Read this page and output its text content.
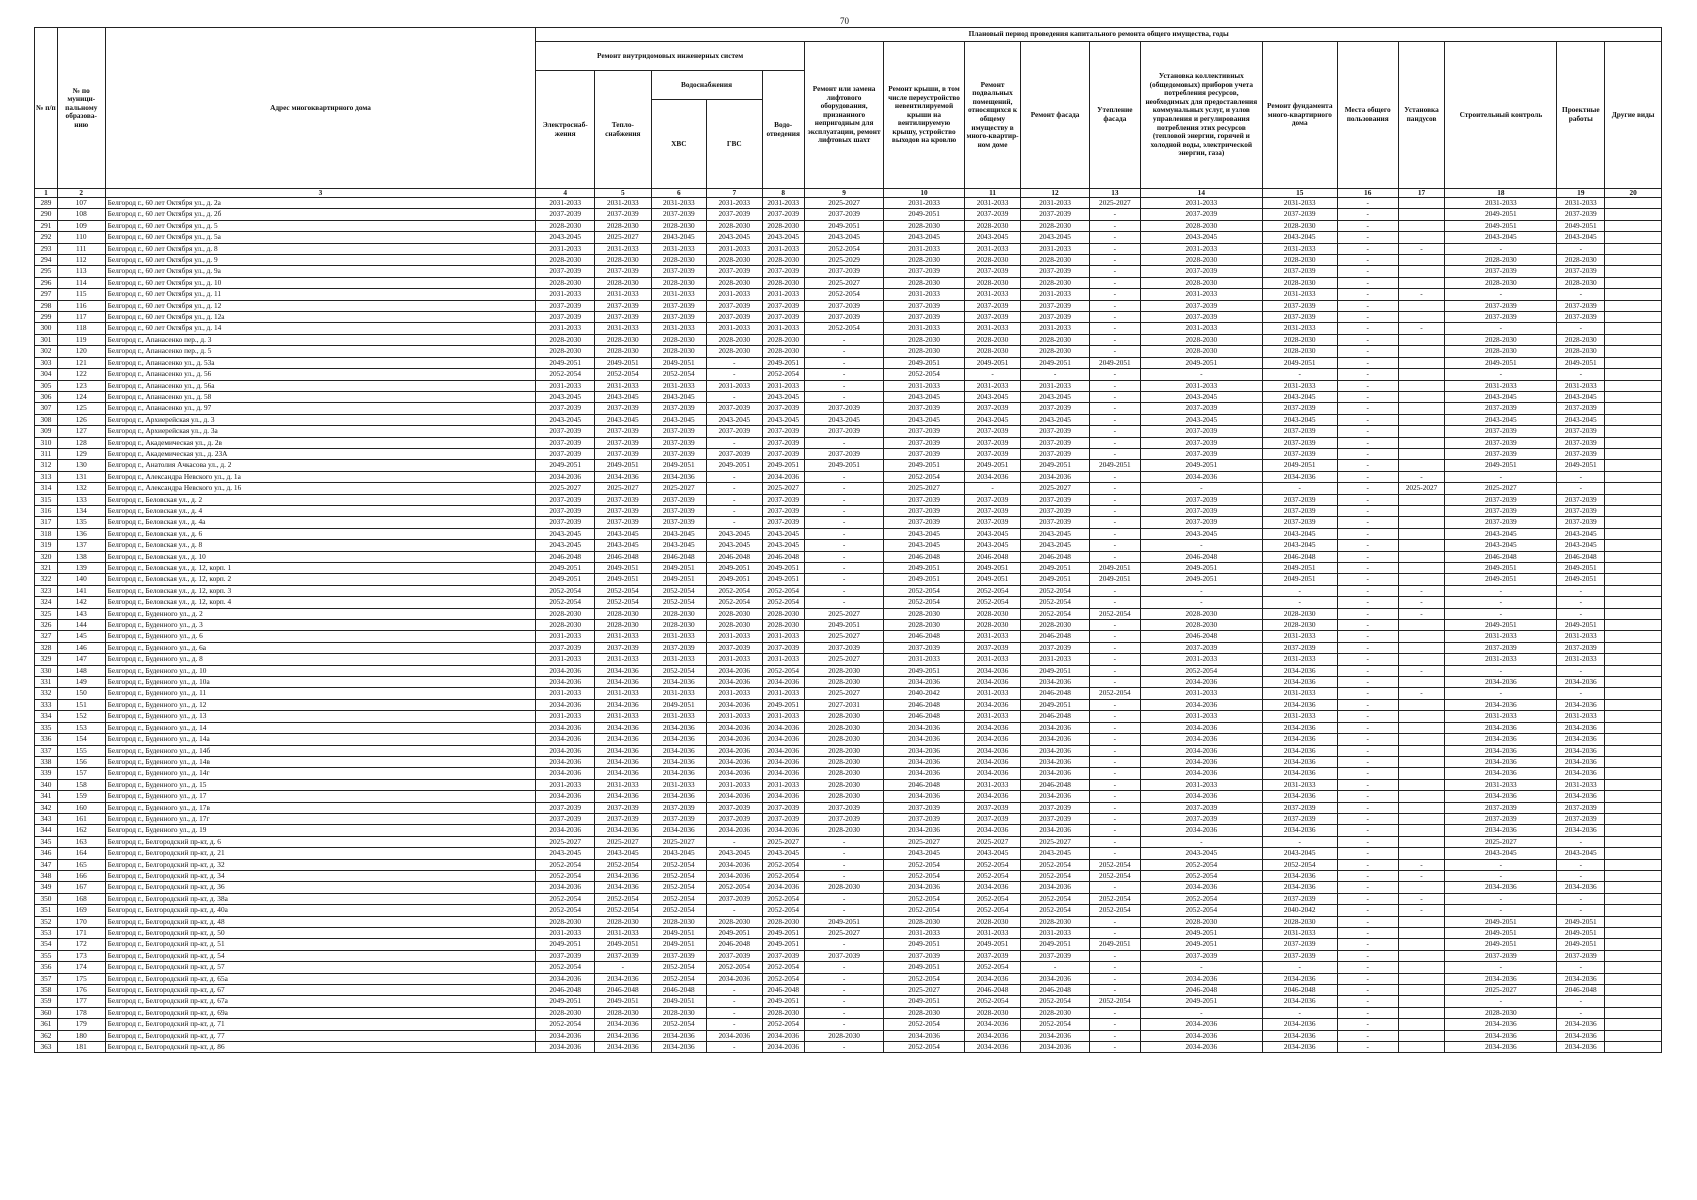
70
№ п/п	№ по муници-пальному образова-нию	Адрес многоквартирного дома	Плановый период проведения капитального ремонта общего имущества, годы																
			Ремонт внутридомовых инженерных систем					Ремонт или замена лифтового оборудования, признанного непригодным для эксплуатации, ремонт лифтовых шахт	Ремонт крыши, в том числе переустройство невентилируемой крыши на вентилируемую крышу, устройство выходов на кровлю	Ремонт подвальных помещений, относящихся к общему имуществу в много-квартир-ном доме	Ремонт фасада	Утепление фасада	Установка коллективных (общедомовых) приборов учета потребления ресурсов, необходимых для предоставления коммунальных услуг, и узлов управления и регулирования потребления этих ресурсов (тепловой энергии, горячей и холодной воды, электрической энергии, газа)	Ремонт фундамента много-квартирного дома	Места общего пользования	Установка пандусов	Строительный контроль	Проектные работы	Другие виды
			Электроснаб-жения	Тепло-снабжения	Водоснабжения		Водо-отведения												
					ХВС	ГВС													
1	2	3	4	5	6	7	8	9	10	11	12	13	14	15	16	17	18	19	20
289	107	Белгород г., 60 лет Октября ул., д. 2а	2031-2033	2031-2033	2031-2033	2031-2033	2031-2033	2025-2027	2031-2033	2031-2033	2031-2033	2025-2027	2031-2033	2031-2033	-		2031-2033	2031-2033	
290	108	Белгород г., 60 лет Октября ул., д. 2б	2037-2039	2037-2039	2037-2039	2037-2039	2037-2039	2037-2039	2049-2051	2037-2039	2037-2039	-	2037-2039	2037-2039	-		2049-2051	2037-2039	
291	109	Белгород г., 60 лет Октября ул., д. 5	2028-2030	2028-2030	2028-2030	2028-2030	2028-2030	2049-2051	2028-2030	2028-2030	2028-2030	-	2028-2030	2028-2030	-		2049-2051	2049-2051	
292	110	Белгород г., 60 лет Октября ул., д. 5а	2043-2045	2025-2027	2043-2045	2043-2045	2043-2045	2043-2045	2043-2045	2043-2045	2043-2045	-	2043-2045	2043-2045	-		2043-2045	2043-2045	
293	111	Белгород г., 60 лет Октября ул., д. 8	2031-2033	2031-2033	2031-2033	2031-2033	2031-2033	2052-2054	2031-2033	2031-2033	2031-2033	-	2031-2033	2031-2033	-	-	-	-	
294	112	Белгород г., 60 лет Октября ул., д. 9	2028-2030	2028-2030	2028-2030	2028-2030	2028-2030	2025-2029	2028-2030	2028-2030	2028-2030	-	2028-2030	2028-2030	-		2028-2030	2028-2030	
295	113	Белгород г., 60 лет Октября ул., д. 9а	2037-2039	2037-2039	2037-2039	2037-2039	2037-2039	2037-2039	2037-2039	2037-2039	2037-2039	-	2037-2039	2037-2039	-		2037-2039	2037-2039	
296	114	Белгород г., 60 лет Октября ул., д. 10	2028-2030	2028-2030	2028-2030	2028-2030	2028-2030	2025-2027	2028-2030	2028-2030	2028-2030	-	2028-2030	2028-2030	-		2028-2030	2028-2030	
297	115	Белгород г., 60 лет Октября ул., д. 11	2031-2033	2031-2033	2031-2033	2031-2033	2031-2033	2052-2054	2031-2033	2031-2033	2031-2033	-	2031-2033	2031-2033	-	-	-	-	
298	116	Белгород г., 60 лет Октября ул., д. 12	2037-2039	2037-2039	2037-2039	2037-2039	2037-2039	2037-2039	2037-2039	2037-2039	2037-2039	-	2037-2039	2037-2039	-		2037-2039	2037-2039	
299	117	Белгород г., 60 лет Октября ул., д. 12а	2037-2039	2037-2039	2037-2039	2037-2039	2037-2039	2037-2039	2037-2039	2037-2039	2037-2039	-	2037-2039	2037-2039	-		2037-2039	2037-2039	
300	118	Белгород г., 60 лет Октября ул., д. 14	2031-2033	2031-2033	2031-2033	2031-2033	2031-2033	2052-2054	2031-2033	2031-2033	2031-2033	-	2031-2033	2031-2033	-	-	-	-	
301	119	Белгород г., Апанасенко пер., д. 3	2028-2030	2028-2030	2028-2030	2028-2030	2028-2030	-	2028-2030	2028-2030	2028-2030	-	2028-2030	2028-2030	-		2028-2030	2028-2030	
302	120	Белгород г., Апанасенко пер., д. 5	2028-2030	2028-2030	2028-2030	2028-2030	2028-2030	-	2028-2030	2028-2030	2028-2030	-	2028-2030	2028-2030	-		2028-2030	2028-2030	
303	121	Белгород г., Апанасенко ул., д. 53а	2049-2051	2049-2051	2049-2051	-	2049-2051	-	2049-2051	2049-2051	2049-2051	2049-2051	2049-2051	2049-2051	-		2049-2051	2049-2051	
304	122	Белгород г., Апанасенко ул., д. 56	2052-2054	2052-2054	2052-2054	-	2052-2054	-	2052-2054	-	-	-	-	-	-		-	-	
305	123	Белгород г., Апанасенко ул., д. 56а	2031-2033	2031-2033	2031-2033	2031-2033	2031-2033	-	2031-2033	2031-2033	2031-2033	-	2031-2033	2031-2033	-		2031-2033	2031-2033	
306	124	Белгород г., Апанасенко ул., д. 58	2043-2045	2043-2045	2043-2045	-	2043-2045	-	2043-2045	2043-2045	2043-2045	-	2043-2045	2043-2045	-		2043-2045	2043-2045	
307	125	Белгород г., Апанасенко ул., д. 97	2037-2039	2037-2039	2037-2039	2037-2039	2037-2039	2037-2039	2037-2039	2037-2039	2037-2039	-	2037-2039	2037-2039	-		2037-2039	2037-2039	
308	126	Белгород г., Архиерейская ул., д. 3	2043-2045	2043-2045	2043-2045	2043-2045	2043-2045	2043-2045	2043-2045	2043-2045	2043-2045	-	2043-2045	2043-2045	-		2043-2045	2043-2045	
309	127	Белгород г., Архиерейская ул., д. 3а	2037-2039	2037-2039	2037-2039	2037-2039	2037-2039	2037-2039	2037-2039	2037-2039	2037-2039	-	2037-2039	2037-2039	-		2037-2039	2037-2039	
310	128	Белгород г., Академическая ул., д. 2в	2037-2039	2037-2039	2037-2039	-	2037-2039	-	2037-2039	2037-2039	2037-2039	-	2037-2039	2037-2039	-		2037-2039	2037-2039	
311	129	Белгород г., Академическая ул., д. 23А	2037-2039	2037-2039	2037-2039	2037-2039	2037-2039	2037-2039	2037-2039	2037-2039	2037-2039	-	2037-2039	2037-2039	-		2037-2039	2037-2039	
312	130	Белгород г., Анатолия Ачкасова ул., д. 2	2049-2051	2049-2051	2049-2051	2049-2051	2049-2051	2049-2051	2049-2051	2049-2051	2049-2051	2049-2051	2049-2051	2049-2051	-		2049-2051	2049-2051	
313	131	Белгород г., Александра Невского ул., д. 1а	2034-2036	2034-2036	2034-2036	-	2034-2036	-	2052-2054	2034-2036	2034-2036	-	2034-2036	2034-2036	-	-	-	-	
314	132	Белгород г., Александра Невского ул., д. 16	2025-2027	2025-2027	2025-2027	-	2025-2027	-	2025-2027	-	2025-2027	-	-	-	-	2025-2027	2025-2027	-	
315	133	Белгород г., Беловская ул., д. 2	2037-2039	2037-2039	2037-2039	-	2037-2039	-	2037-2039	2037-2039	2037-2039	-	2037-2039	2037-2039	-		2037-2039	2037-2039	
316	134	Белгород г., Беловская ул., д. 4	2037-2039	2037-2039	2037-2039	-	2037-2039	-	2037-2039	2037-2039	2037-2039	-	2037-2039	2037-2039	-		2037-2039	2037-2039	
317	135	Белгород г., Беловская ул., д. 4а	2037-2039	2037-2039	2037-2039	-	2037-2039	-	2037-2039	2037-2039	2037-2039	-	2037-2039	2037-2039	-		2037-2039	2037-2039	
318	136	Белгород г., Беловская ул., д. 6	2043-2045	2043-2045	2043-2045	2043-2045	2043-2045	-	2043-2045	2043-2045	2043-2045	-	2043-2045	2043-2045	-		2043-2045	2043-2045	
319	137	Белгород г., Беловская ул., д. 8	2043-2045	2043-2045	2043-2045	2043-2045	2043-2045	-	2043-2045	2043-2045	2043-2045	-	-	2043-2045	-		2043-2045	2043-2045	
320	138	Белгород г., Беловская ул., д. 10	2046-2048	2046-2048	2046-2048	2046-2048	2046-2048	-	2046-2048	2046-2048	2046-2048	-	2046-2048	2046-2048	-		2046-2048	2046-2048	
321	139	Белгород г., Беловская ул., д. 12, корп. 1	2049-2051	2049-2051	2049-2051	2049-2051	2049-2051	-	2049-2051	2049-2051	2049-2051	2049-2051	2049-2051	2049-2051	-		2049-2051	2049-2051	
322	140	Белгород г., Беловская ул., д. 12, корп. 2	2049-2051	2049-2051	2049-2051	2049-2051	2049-2051	-	2049-2051	2049-2051	2049-2051	2049-2051	2049-2051	2049-2051	-		2049-2051	2049-2051	
323	141	Белгород г., Беловская ул., д. 12, корп. 3	2052-2054	2052-2054	2052-2054	2052-2054	2052-2054	-	2052-2054	2052-2054	2052-2054	-	-	-	-	-	-	-	
324	142	Белгород г., Беловская ул., д. 12, корп. 4	2052-2054	2052-2054	2052-2054	2052-2054	2052-2054	-	2052-2054	2052-2054	2052-2054	-	-	-	-	-	-	-	
325	143	Белгород г., Буденного ул., д. 2	2028-2030	2028-2030	2028-2030	2028-2030	2028-2030	2025-2027	2028-2030	2028-2030	2052-2054	2052-2054	2028-2030	2028-2030	-	-	-	-	
326	144	Белгород г., Буденного ул., д. 3	2028-2030	2028-2030	2028-2030	2028-2030	2028-2030	2049-2051	2028-2030	2028-2030	2028-2030	-	2028-2030	2028-2030	-		2049-2051	2049-2051	
327	145	Белгород г., Буденного ул., д. 6	2031-2033	2031-2033	2031-2033	2031-2033	2031-2033	2025-2027	2046-2048	2031-2033	2046-2048	-	2046-2048	2031-2033	-		2031-2033	2031-2033	
328	146	Белгород г., Буденного ул., д. 6а	2037-2039	2037-2039	2037-2039	2037-2039	2037-2039	2037-2039	2037-2039	2037-2039	2037-2039	-	2037-2039	2037-2039	-		2037-2039	2037-2039	
329	147	Белгород г., Буденного ул., д. 8	2031-2033	2031-2033	2031-2033	2031-2033	2031-2033	2025-2027	2031-2033	2031-2033	2031-2033	-	2031-2033	2031-2033	-		2031-2033	2031-2033	
330	148	Белгород г., Буденного ул., д. 10	2034-2036	2034-2036	2052-2054	2034-2036	2052-2054	2028-2030	2049-2051	2034-2036	2049-2051	-	2052-2054	2034-2036	-	-	-	-	
331	149	Белгород г., Буденного ул., д. 10а	2034-2036	2034-2036	2034-2036	2034-2036	2034-2036	2028-2030	2034-2036	2034-2036	2034-2036	-	2034-2036	2034-2036	-		2034-2036	2034-2036	
332	150	Белгород г., Буденного ул., д. 11	2031-2033	2031-2033	2031-2033	2031-2033	2031-2033	2025-2027	2040-2042	2031-2033	2046-2048	2052-2054	2031-2033	2031-2033	-	-	-	-	
333	151	Белгород г., Буденного ул., д. 12	2034-2036	2034-2036	2049-2051	2034-2036	2049-2051	2027-2031	2046-2048	2034-2036	2049-2051	-	2034-2036	2034-2036	-		2034-2036	2034-2036	
334	152	Белгород г., Буденного ул., д. 13	2031-2033	2031-2033	2031-2033	2031-2033	2031-2033	2028-2030	2046-2048	2031-2033	2046-2048	-	2031-2033	2031-2033	-		2031-2033	2031-2033	
335	153	Белгород г., Буденного ул., д. 14	2034-2036	2034-2036	2034-2036	2034-2036	2034-2036	2028-2030	2034-2036	2034-2036	2034-2036	-	2034-2036	2034-2036	-		2034-2036	2034-2036	
336	154	Белгород г., Буденного ул., д. 14а	2034-2036	2034-2036	2034-2036	2034-2036	2034-2036	2028-2030	2034-2036	2034-2036	2034-2036	-	2034-2036	2034-2036	-		2034-2036	2034-2036	
337	155	Белгород г., Буденного ул., д. 14б	2034-2036	2034-2036	2034-2036	2034-2036	2034-2036	2028-2030	2034-2036	2034-2036	2034-2036	-	2034-2036	2034-2036	-		2034-2036	2034-2036	
338	156	Белгород г., Буденного ул., д. 14в	2034-2036	2034-2036	2034-2036	2034-2036	2034-2036	2028-2030	2034-2036	2034-2036	2034-2036	-	2034-2036	2034-2036	-		2034-2036	2034-2036	
339	157	Белгород г., Буденного ул., д. 14г	2034-2036	2034-2036	2034-2036	2034-2036	2034-2036	2028-2030	2034-2036	2034-2036	2034-2036	-	2034-2036	2034-2036	-		2034-2036	2034-2036	
340	158	Белгород г., Буденного ул., д. 15	2031-2033	2031-2033	2031-2033	2031-2033	2031-2033	2028-2030	2046-2048	2031-2033	2046-2048	-	2031-2033	2031-2033	-		2031-2033	2031-2033	
341	159	Белгород г., Буденного ул., д. 17	2034-2036	2034-2036	2034-2036	2034-2036	2034-2036	2028-2030	2034-2036	2034-2036	2034-2036	-	2034-2036	2034-2036	-		2034-2036	2034-2036	
342	160	Белгород г., Буденного ул., д. 17в	2037-2039	2037-2039	2037-2039	2037-2039	2037-2039	2037-2039	2037-2039	2037-2039	2037-2039	-	2037-2039	2037-2039	-		2037-2039	2037-2039	
343	161	Белгород г., Буденного ул., д. 17г	2037-2039	2037-2039	2037-2039	2037-2039	2037-2039	2037-2039	2037-2039	2037-2039	2037-2039	-	2037-2039	2037-2039	-		2037-2039	2037-2039	
344	162	Белгород г., Буденного ул., д. 19	2034-2036	2034-2036	2034-2036	2034-2036	2034-2036	2028-2030	2034-2036	2034-2036	2034-2036	-	2034-2036	2034-2036	-		2034-2036	2034-2036	
345	163	Белгород г., Белгородский пр-кт, д. 6	2025-2027	2025-2027	2025-2027	-	2025-2027	-	2025-2027	2025-2027	2025-2027	-	-	-	-		2025-2027	-	
346	164	Белгород г., Белгородский пр-кт, д. 21	2043-2045	2043-2045	2043-2045	2043-2045	2043-2045	-	2043-2045	2043-2045	2043-2045	-	2043-2045	2043-2045	-		2043-2045	2043-2045	
347	165	Белгород г., Белгородский пр-кт, д. 32	2052-2054	2052-2054	2052-2054	2034-2036	2052-2054	-	2052-2054	2052-2054	2052-2054	2052-2054	2052-2054	2052-2054	-	-	-	-	
348	166	Белгород г., Белгородский пр-кт, д. 34	2052-2054	2034-2036	2052-2054	2034-2036	2052-2054	-	2052-2054	2052-2054	2052-2054	2052-2054	2052-2054	2034-2036	-	-	-	-	
349	167	Белгород г., Белгородский пр-кт, д. 36	2034-2036	2034-2036	2052-2054	2052-2054	2034-2036	2028-2030	2034-2036	2034-2036	2034-2036	-	2034-2036	2034-2036	-		2034-2036	2034-2036	
350	168	Белгород г., Белгородский пр-кт, д. 38а	2052-2054	2052-2054	2052-2054	2037-2039	2052-2054	-	2052-2054	2052-2054	2052-2054	2052-2054	2052-2054	2037-2039	-	-	-	-	
351	169	Белгород г., Белгородский пр-кт, д. 40а	2052-2054	2052-2054	2052-2054	-	2052-2054	-	2052-2054	2052-2054	2052-2054	2052-2054	2052-2054	2040-2042	-	-	-	-	
352	170	Белгород г., Белгородский пр-кт, д. 48	2028-2030	2028-2030	2028-2030	2028-2030	2028-2030	2049-2051	2028-2030	2028-2030	2028-2030	-	2028-2030	2028-2030	-		2049-2051	2049-2051	
353	171	Белгород г., Белгородский пр-кт, д. 50	2031-2033	2031-2033	2049-2051	2049-2051	2049-2051	2025-2027	2031-2033	2031-2033	2031-2033	-	2049-2051	2031-2033	-		2049-2051	2049-2051	
354	172	Белгород г., Белгородский пр-кт, д. 51	2049-2051	2049-2051	2049-2051	2046-2048	2049-2051	-	2049-2051	2049-2051	2049-2051	2049-2051	2049-2051	2037-2039	-		2049-2051	2049-2051	
355	173	Белгород г., Белгородский пр-кт, д. 54	2037-2039	2037-2039	2037-2039	2037-2039	2037-2039	2037-2039	2037-2039	2037-2039	2037-2039	-	2037-2039	2037-2039	-		2037-2039	2037-2039	
356	174	Белгород г., Белгородский пр-кт, д. 57	2052-2054	-	2052-2054	2052-2054	2052-2054	-	2049-2051	2052-2054	-	-	-	-	-		-	-	
357	175	Белгород г., Белгородский пр-кт, д. 65а	2034-2036	2034-2036	2052-2054	2034-2036	2052-2054	-	2052-2054	2034-2036	2034-2036	-	2034-2036	2034-2036	-		2034-2036	2034-2036	
358	176	Белгород г., Белгородский пр-кт, д. 67	2046-2048	2046-2048	2046-2048	-	2046-2048	-	2025-2027	2046-2048	2046-2048	-	2046-2048	2046-2048	-		2025-2027	2046-2048	
359	177	Белгород г., Белгородский пр-кт, д. 67а	2049-2051	2049-2051	2049-2051	-	2049-2051	-	2049-2051	2052-2054	2052-2054	2052-2054	2049-2051	2034-2036	-		-	-	
360	178	Белгород г., Белгородский пр-кт, д. 69а	2028-2030	2028-2030	2028-2030	-	2028-2030	-	2028-2030	2028-2030	2028-2030	-	-	-	-		2028-2030	-	
361	179	Белгород г., Белгородский пр-кт, д. 71	2052-2054	2034-2036	2052-2054	-	2052-2054	-	2052-2054	2034-2036	2052-2054	-	2034-2036	2034-2036	-		2034-2036	2034-2036	
362	180	Белгород г., Белгородский пр-кт, д. 77	2034-2036	2034-2036	2034-2036	2034-2036	2034-2036	2028-2030	2034-2036	2034-2036	2034-2036	-	2034-2036	2034-2036	-		2034-2036	2034-2036	
363	181	Белгород г., Белгородский пр-кт, д. 86	2034-2036	2034-2036	2034-2036	-	2034-2036	-	2052-2054	2034-2036	2034-2036	-	2034-2036	2034-2036	-		2034-2036	2034-2036	
